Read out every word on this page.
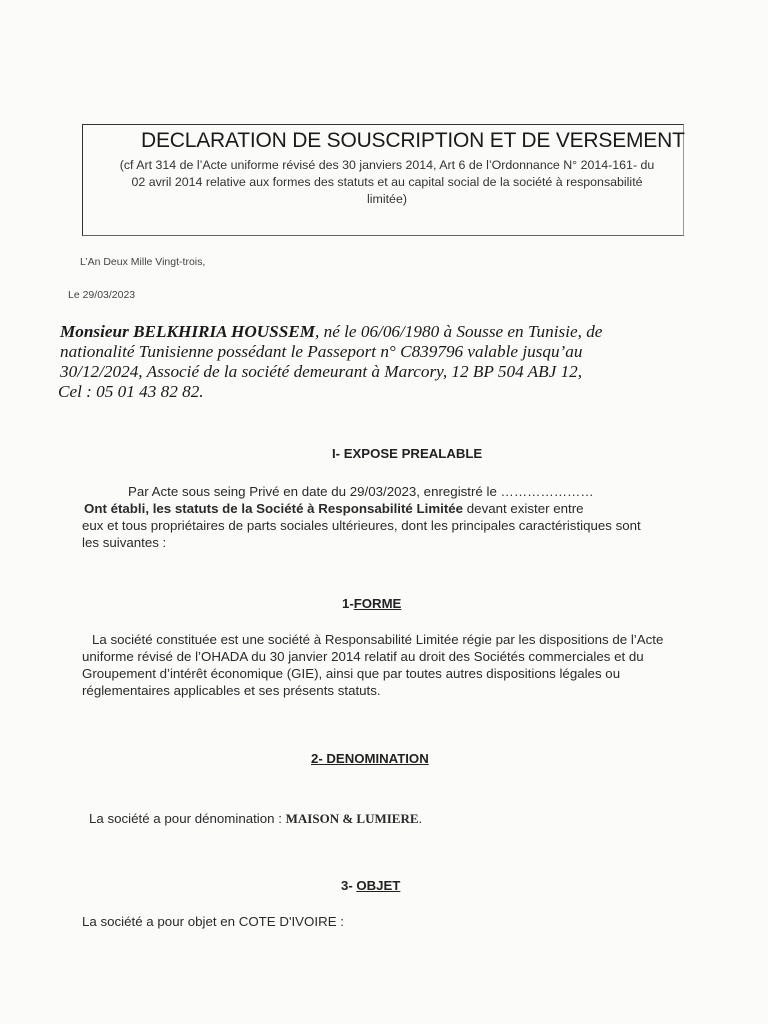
DECLARATION DE SOUSCRIPTION ET DE VERSEMENT
(cf Art 314 de l’Acte uniforme révisé des 30 janviers 2014, Art 6 de l’Ordonnance N° 2014-161- du
02 avril 2014 relative aux formes des statuts et au capital social de la société à responsabilité
limitée)
L’An Deux Mille Vingt-trois,
Le 29/03/2023
Monsieur BELKHIRIA HOUSSEM, né le 06/06/1980 à Sousse en Tunisie, de
nationalité Tunisienne possédant le Passeport n° C839796 valable jusqu’au
30/12/2024, Associé de la société demeurant à Marcory, 12 BP 504 ABJ 12,
Cel : 05 01 43 82 82.
I- EXPOSE PREALABLE
Par Acte sous seing Privé en date du 29/03/2023, enregistré le …………………
Ont établi, les statuts de la Société à Responsabilité Limitée devant exister entre
eux et tous propriétaires de parts sociales ultérieures, dont les principales caractéristiques sont
les suivantes :
1-FORME
La société constituée est une société à Responsabilité Limitée régie par les dispositions de l’Acte
uniforme révisé de l’OHADA du 30 janvier 2014 relatif au droit des Sociétés commerciales et du
Groupement d’intérêt économique (GIE), ainsi que par toutes autres dispositions légales ou
réglementaires applicables et ses présents statuts.
2- DENOMINATION
La société a pour dénomination : MAISON & LUMIERE.
3- OBJET
La société a pour objet en COTE D'IVOIRE :
